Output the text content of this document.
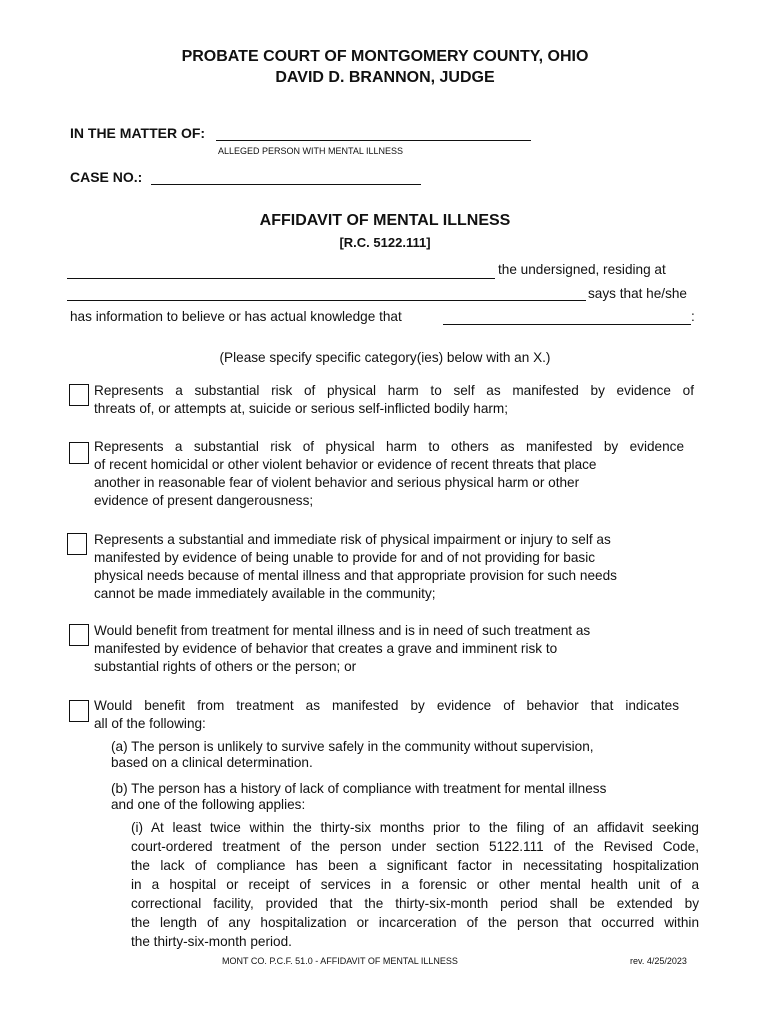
PROBATE COURT OF MONTGOMERY COUNTY, OHIO
DAVID D. BRANNON, JUDGE
IN THE MATTER OF:
ALLEGED PERSON WITH MENTAL ILLNESS
CASE NO.:
AFFIDAVIT OF MENTAL ILLNESS
[R.C. 5122.111]
the undersigned, residing at
says that he/she
has information to believe or has actual knowledge that	:
(Please specify specific category(ies) below with an X.)
Represents a substantial risk of physical harm to self as manifested by evidence of
threats of, or attempts at, suicide or serious self-inflicted bodily harm;
Represents a substantial risk of physical harm to others as manifested by evidence
of recent homicidal or other violent behavior or evidence of recent threats that place
another in reasonable fear of violent behavior and serious physical harm or other
evidence of present dangerousness;
Represents a substantial and immediate risk of physical impairment or injury to self as
manifested by evidence of being unable to provide for and of not providing for basic
physical needs because of mental illness and that appropriate provision for such needs
cannot be made immediately available in the community;
Would benefit from treatment for mental illness and is in need of such treatment as
manifested by evidence of behavior that creates a grave and imminent risk to
substantial rights of others or the person; or
Would benefit from treatment as manifested by evidence of behavior that indicates
all of the following:
(a) The person is unlikely to survive safely in the community without supervision,
based on a clinical determination.
(b) The person has a history of lack of compliance with treatment for mental illness
and one of the following applies:
(i) At least twice within the thirty-six months prior to the filing of an affidavit seeking
court-ordered treatment of the person under section 5122.111 of the Revised Code,
the lack of compliance has been a significant factor in necessitating hospitalization
in a hospital or receipt of services in a forensic or other mental health unit of a
correctional facility, provided that the thirty-six-month period shall be extended by
the length of any hospitalization or incarceration of the person that occurred within
the thirty-six-month period.
MONT CO. P.C.F. 51.0 - AFFIDAVIT OF MENTAL ILLNESS	rev. 4/25/2023
